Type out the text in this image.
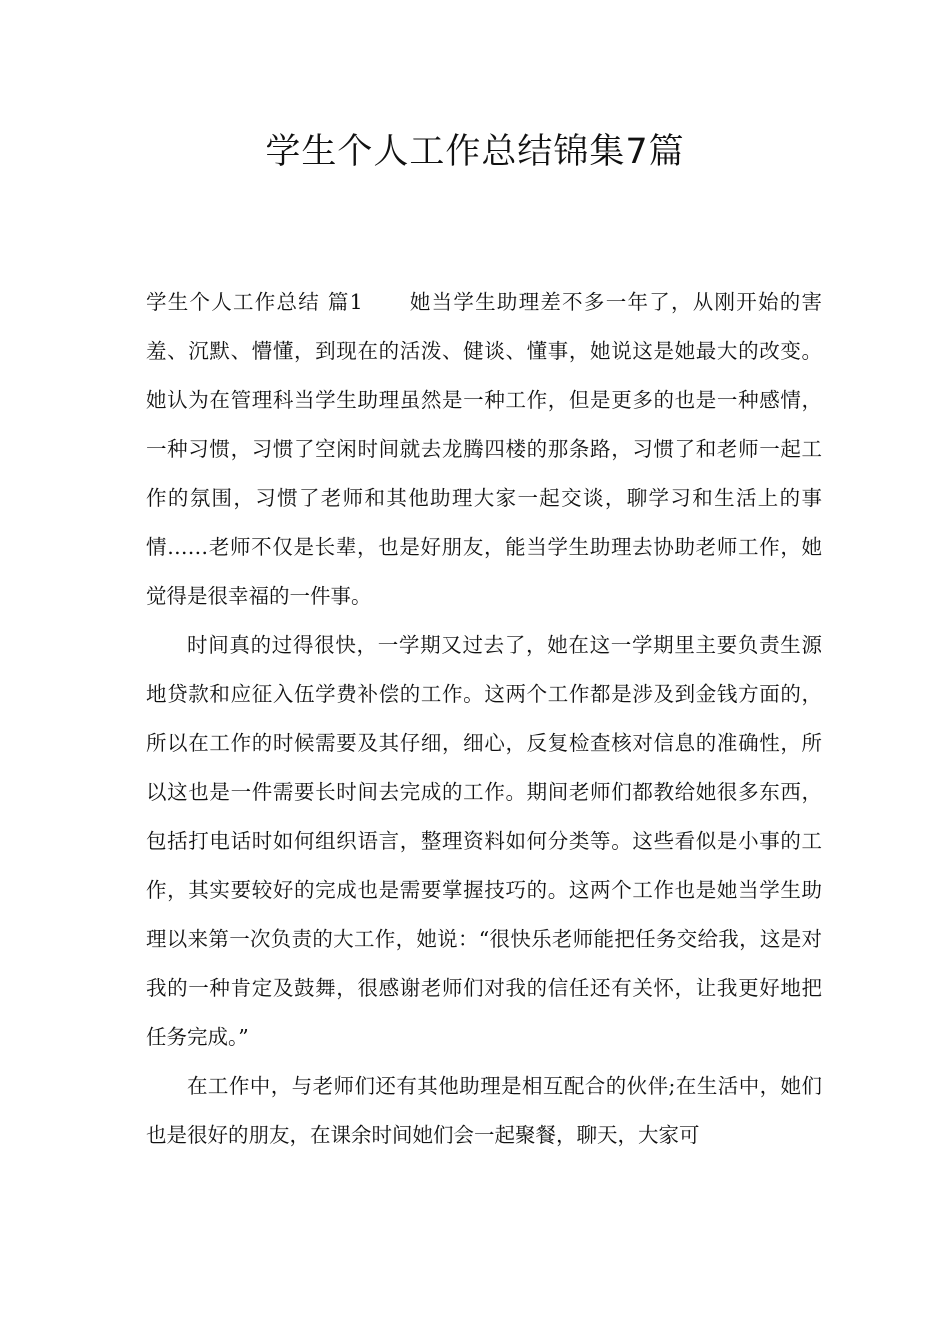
学生个人工作总结锦集7篇

学生个人工作总结 篇1 她当学生助理差不多一年了，从刚开始的害羞、沉默、懵懂，到现在的活泼、健谈、懂事，她说这是她最大的改变。她认为在管理科当学生助理虽然是一种工作，但是更多的也是一种感情，一种习惯，习惯了空闲时间就去龙腾四楼的那条路，习惯了和老师一起工作的氛围，习惯了老师和其他助理大家一起交谈，聊学习和生活上的事情……老师不仅是长辈，也是好朋友，能当学生助理去协助老师工作，她觉得是很幸福的一件事。

时间真的过得很快，一学期又过去了，她在这一学期里主要负责生源地贷款和应征入伍学费补偿的工作。这两个工作都是涉及到金钱方面的，所以在工作的时候需要及其仔细，细心，反复检查核对信息的准确性，所以这也是一件需要长时间去完成的工作。期间老师们都教给她很多东西，包括打电话时如何组织语言，整理资料如何分类等。这些看似是小事的工作，其实要较好的完成也是需要掌握技巧的。这两个工作也是她当学生助理以来第一次负责的大工作，她说：“很快乐老师能把任务交给我，这是对我的一种肯定及鼓舞，很感谢老师们对我的信任还有关怀，让我更好地把任务完成。”

在工作中，与老师们还有其他助理是相互配合的伙伴;在生活中，她们也是很好的朋友，在课余时间她们会一起聚餐，聊天，大家可
